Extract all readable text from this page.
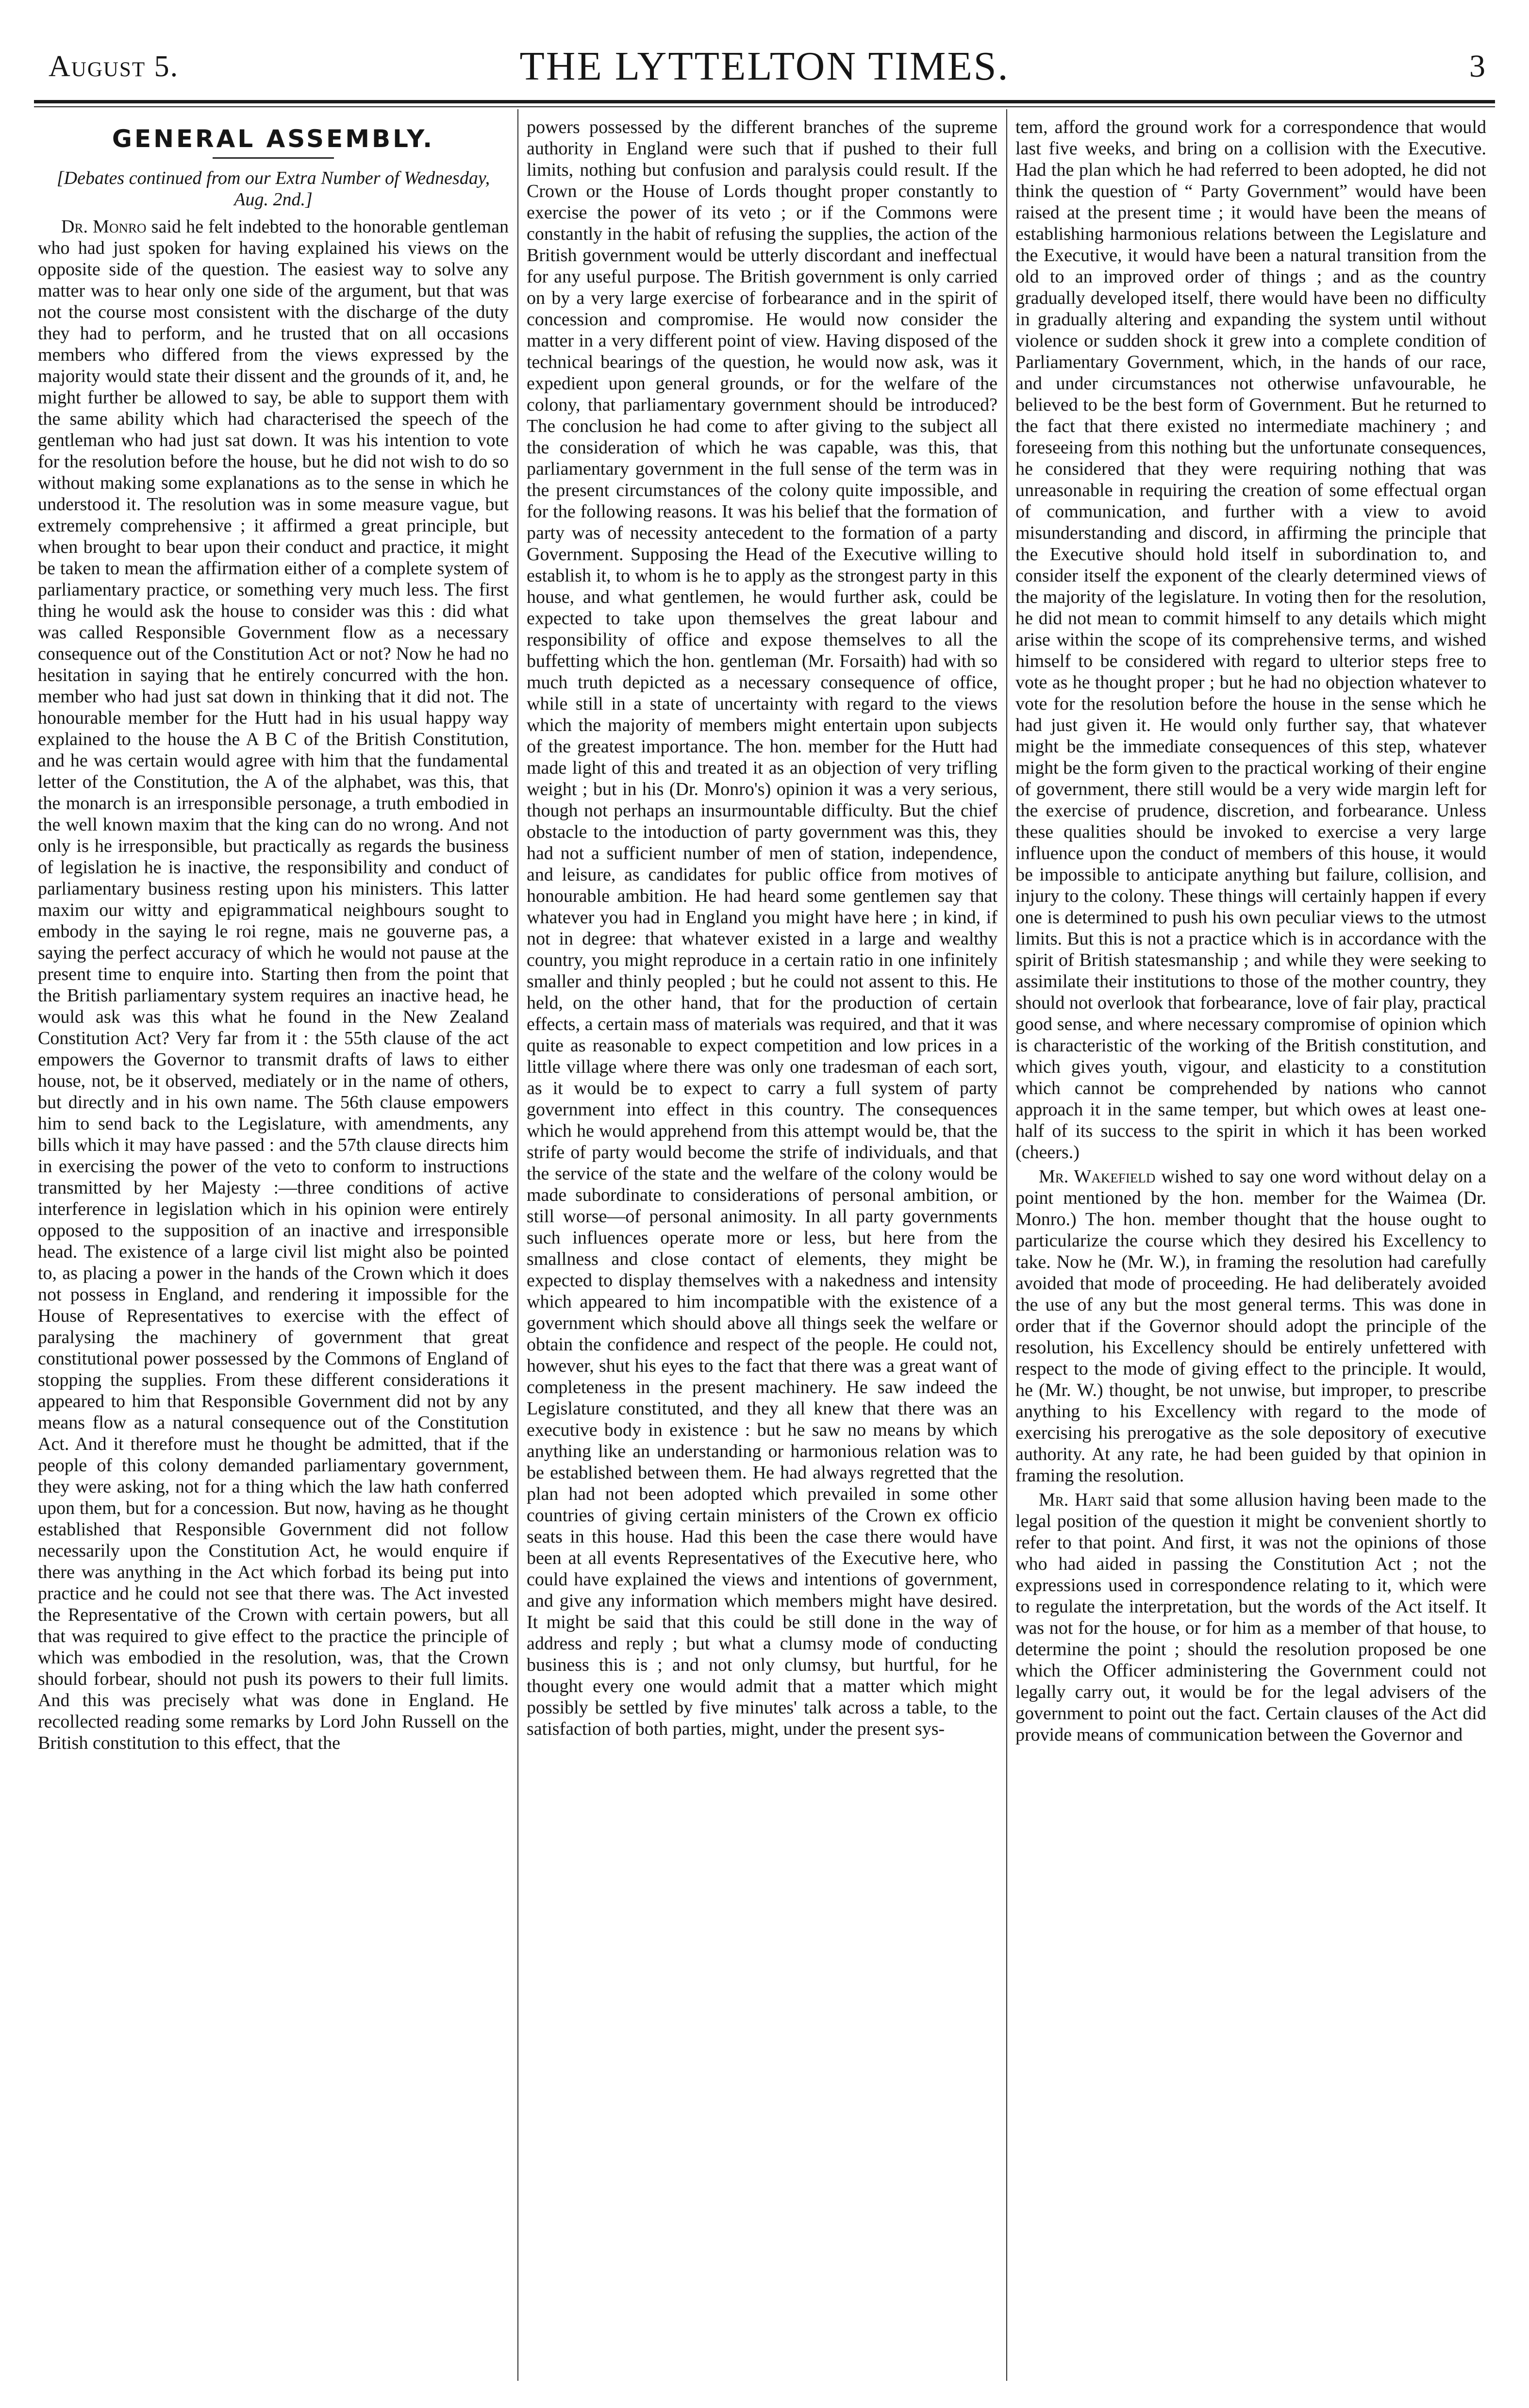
August 5.	THE LYTTELTON TIMES.	3
GENERAL ASSEMBLY.
[Debates continued from our Extra Number of Wednesday, Aug. 2nd.]

Dr. Monro said he felt indebted to the honorable gentleman who had just spoken for having explained his views on the opposite side of the question. The easiest way to solve any matter was to hear only one side of the argument, but that was not the course most consistent with the discharge of the duty they had to perform, and he trusted that on all occasions members who differed from the views expressed by the majority would state their dissent and the grounds of it, and, he might further be allowed to say, be able to support them with the same ability which had characterised the speech of the gentleman who had just sat down. It was his intention to vote for the resolution before the house, but he did not wish to do so without making some explanations as to the sense in which he understood it. The resolution was in some measure vague, but extremely comprehensive ; it affirmed a great principle, but when brought to bear upon their conduct and practice, it might be taken to mean the affirmation either of a complete system of parliamentary practice, or something very much less. The first thing he would ask the house to consider was this : did what was called Responsible Government flow as a necessary consequence out of the Constitution Act or not? Now he had no hesitation in saying that he entirely concurred with the hon. member who had just sat down in thinking that it did not. The honourable member for the Hutt had in his usual happy way explained to the house the A B C of the British Constitution, and he was certain would agree with him that the fundamental letter of the Constitution, the A of the alphabet, was this, that the monarch is an irresponsible personage, a truth embodied in the well known maxim that the king can do no wrong. And not only is he irresponsible, but practically as regards the business of legislation he is inactive, the responsibility and conduct of parliamentary business resting upon his ministers. This latter maxim our witty and epigrammatical neighbours sought to embody in the saying le roi regne, mais ne gouverne pas, a saying the perfect accuracy of which he would not pause at the present time to enquire into. Starting then from the point that the British parliamentary system requires an inactive head, he would ask was this what he found in the New Zealand Constitution Act? Very far from it : the 55th clause of the act empowers the Governor to transmit drafts of laws to either house, not, be it observed, mediately or in the name of others, but directly and in his own name. The 56th clause empowers him to send back to the Legislature, with amendments, any bills which it may have passed : and the 57th clause directs him in exercising the power of the veto to conform to instructions transmitted by her Majesty :—three conditions of active interference in legislation which in his opinion were entirely opposed to the supposition of an inactive and irresponsible head. The existence of a large civil list might also be pointed to, as placing a power in the hands of the Crown which it does not possess in England, and rendering it impossible for the House of Representatives to exercise with the effect of paralysing the machinery of government that great constitutional power possessed by the Commons of England of stopping the supplies. From these different considerations it appeared to him that Responsible Government did not by any means flow as a natural consequence out of the Constitution Act. And it therefore must he thought be admitted, that if the people of this colony demanded parliamentary government, they were asking, not for a thing which the law hath conferred upon them, but for a concession. But now, having as he thought established that Responsible Government did not follow necessarily upon the Constitution Act, he would enquire if there was anything in the Act which forbad its being put into practice and he could not see that there was. The Act invested the Representative of the Crown with certain powers, but all that was required to give effect to the practice the principle of which was embodied in the resolution, was, that the Crown should forbear, should not push its powers to their full limits. And this was precisely what was done in England. He recollected reading some remarks by Lord John Russell on the British constitution to this effect, that the

powers possessed by the different branches of the supreme authority in England were such that if pushed to their full limits, nothing but confusion and paralysis could result. If the Crown or the House of Lords thought proper constantly to exercise the power of its veto ; or if the Commons were constantly in the habit of refusing the supplies, the action of the British government would be utterly discordant and ineffectual for any useful purpose. The British government is only carried on by a very large exercise of forbearance and in the spirit of concession and compromise. He would now consider the matter in a very different point of view. Having disposed of the technical bearings of the question, he would now ask, was it expedient upon general grounds, or for the welfare of the colony, that parliamentary government should be introduced? The conclusion he had come to after giving to the subject all the consideration of which he was capable, was this, that parliamentary government in the full sense of the term was in the present circumstances of the colony quite impossible, and for the following reasons. It was his belief that the formation of party was of necessity antecedent to the formation of a party Government. Supposing the Head of the Executive willing to establish it, to whom is he to apply as the strongest party in this house, and what gentlemen, he would further ask, could be expected to take upon themselves the great labour and responsibility of office and expose themselves to all the buffetting which the hon. gentleman (Mr. Forsaith) had with so much truth depicted as a necessary consequence of office, while still in a state of uncertainty with regard to the views which the majority of members might entertain upon subjects of the greatest importance. The hon. member for the Hutt had made light of this and treated it as an objection of very trifling weight ; but in his (Dr. Monro's) opinion it was a very serious, though not perhaps an insurmountable difficulty. But the chief obstacle to the intoduction of party government was this, they had not a sufficient number of men of station, independence, and leisure, as candidates for public office from motives of honourable ambition. He had heard some gentlemen say that whatever you had in England you might have here ; in kind, if not in degree: that whatever existed in a large and wealthy country, you might reproduce in a certain ratio in one infinitely smaller and thinly peopled ; but he could not assent to this. He held, on the other hand, that for the production of certain effects, a certain mass of materials was required, and that it was quite as reasonable to expect competition and low prices in a little village where there was only one tradesman of each sort, as it would be to expect to carry a full system of party government into effect in this country. The consequences which he would apprehend from this attempt would be, that the strife of party would become the strife of individuals, and that the service of the state and the welfare of the colony would be made subordinate to considerations of personal ambition, or still worse—of personal animosity. In all party governments such influences operate more or less, but here from the smallness and close contact of elements, they might be expected to display themselves with a nakedness and intensity which appeared to him incompatible with the existence of a government which should above all things seek the welfare or obtain the confidence and respect of the people. He could not, however, shut his eyes to the fact that there was a great want of completeness in the present machinery. He saw indeed the Legislature constituted, and they all knew that there was an executive body in existence : but he saw no means by which anything like an understanding or harmonious relation was to be established between them. He had always regretted that the plan had not been adopted which prevailed in some other countries of giving certain ministers of the Crown ex officio seats in this house. Had this been the case there would have been at all events Representatives of the Executive here, who could have explained the views and intentions of government, and give any information which members might have desired. It might be said that this could be still done in the way of address and reply ; but what a clumsy mode of conducting business this is ; and not only clumsy, but hurtful, for he thought every one would admit that a matter which might possibly be settled by five minutes' talk across a table, to the satisfaction of both parties, might, under the present sys-

tem, afford the ground work for a correspondence that would last five weeks, and bring on a collision with the Executive. Had the plan which he had referred to been adopted, he did not think the question of “ Party Government” would have been raised at the present time ; it would have been the means of establishing harmonious relations between the Legislature and the Executive, it would have been a natural transition from the old to an improved order of things ; and as the country gradually developed itself, there would have been no difficulty in gradually altering and expanding the system until without violence or sudden shock it grew into a complete condition of Parliamentary Government, which, in the hands of our race, and under circumstances not otherwise unfavourable, he believed to be the best form of Government. But he returned to the fact that there existed no intermediate machinery ; and foreseeing from this nothing but the unfortunate consequences, he considered that they were requiring nothing that was unreasonable in requiring the creation of some effectual organ of communication, and further with a view to avoid misunderstanding and discord, in affirming the principle that the Executive should hold itself in subordination to, and consider itself the exponent of the clearly determined views of the majority of the legislature. In voting then for the resolution, he did not mean to commit himself to any details which might arise within the scope of its comprehensive terms, and wished himself to be considered with regard to ulterior steps free to vote as he thought proper ; but he had no objection whatever to vote for the resolution before the house in the sense which he had just given it. He would only further say, that whatever might be the immediate consequences of this step, whatever might be the form given to the practical working of their engine of government, there still would be a very wide margin left for the exercise of prudence, discretion, and forbearance. Unless these qualities should be invoked to exercise a very large influence upon the conduct of members of this house, it would be impossible to anticipate anything but failure, collision, and injury to the colony. These things will certainly happen if every one is determined to push his own peculiar views to the utmost limits. But this is not a practice which is in accordance with the spirit of British statesmanship ; and while they were seeking to assimilate their institutions to those of the mother country, they should not overlook that forbearance, love of fair play, practical good sense, and where necessary compromise of opinion which is characteristic of the working of the British constitution, and which gives youth, vigour, and elasticity to a constitution which cannot be comprehended by nations who cannot approach it in the same temper, but which owes at least one-half of its success to the spirit in which it has been worked (cheers.)

Mr. Wakefield wished to say one word without delay on a point mentioned by the hon. member for the Waimea (Dr. Monro.) The hon. member thought that the house ought to particularize the course which they desired his Excellency to take. Now he (Mr. W.), in framing the resolution had carefully avoided that mode of proceeding. He had deliberately avoided the use of any but the most general terms. This was done in order that if the Governor should adopt the principle of the resolution, his Excellency should be entirely unfettered with respect to the mode of giving effect to the principle. It would, he (Mr. W.) thought, be not unwise, but improper, to prescribe anything to his Excellency with regard to the mode of exercising his prerogative as the sole depository of executive authority. At any rate, he had been guided by that opinion in framing the resolution.

Mr. Hart said that some allusion having been made to the legal position of the question it might be convenient shortly to refer to that point. And first, it was not the opinions of those who had aided in passing the Constitution Act ; not the expressions used in correspondence relating to it, which were to regulate the interpretation, but the words of the Act itself. It was not for the house, or for him as a member of that house, to determine the point ; should the resolution proposed be one which the Officer administering the Government could not legally carry out, it would be for the legal advisers of the government to point out the fact. Certain clauses of the Act did provide means of communication between the Governor and
